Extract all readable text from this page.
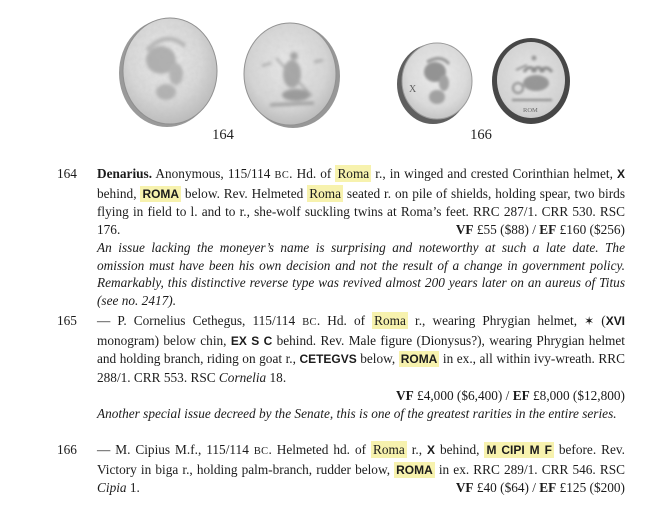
X
ROM
164	166
164	Denarius. Anonymous, 115/114 BC. Hd. of Roma r., in winged and crested Corinthian helmet, X behind, ROMA below. Rev. Helmeted Roma seated r. on pile of shields, holding spear, two birds flying in field to l. and to r., she-wolf suckling twins at Roma’s feet. RRC 287/1. CRR 530. RSC 176.	VF £55 ($88) / EF £160 ($256)

An issue lacking the moneyer’s name is surprising and noteworthy at such a late date. The omission must have been his own decision and not the result of a change in government policy. Remarkably, this distinctive reverse type was revived almost 200 years later on an aureus of Titus (see no. 2417).

165	— P. Cornelius Cethegus, 115/114 BC. Hd. of Roma r., wearing Phrygian helmet, ✶ (XVI monogram) below chin, EX S C behind. Rev. Male figure (Dionysus?), wearing Phrygian helmet and holding branch, riding on goat r., CETEGVS below, ROMA in ex., all within ivy-wreath. RRC 288/1. CRR 553. RSC Cornelia 18.

VF £4,000 ($6,400) / EF £8,000 ($12,800)

Another special issue decreed by the Senate, this is one of the greatest rarities in the entire series.

166	— M. Cipius M.f., 115/114 BC. Helmeted hd. of Roma r., X behind, M CIPI M F before. Rev. Victory in biga r., holding palm-branch, rudder below, ROMA in ex. RRC 289/1. CRR 546. RSC Cipia 1.	VF £40 ($64) / EF £125 ($200)
